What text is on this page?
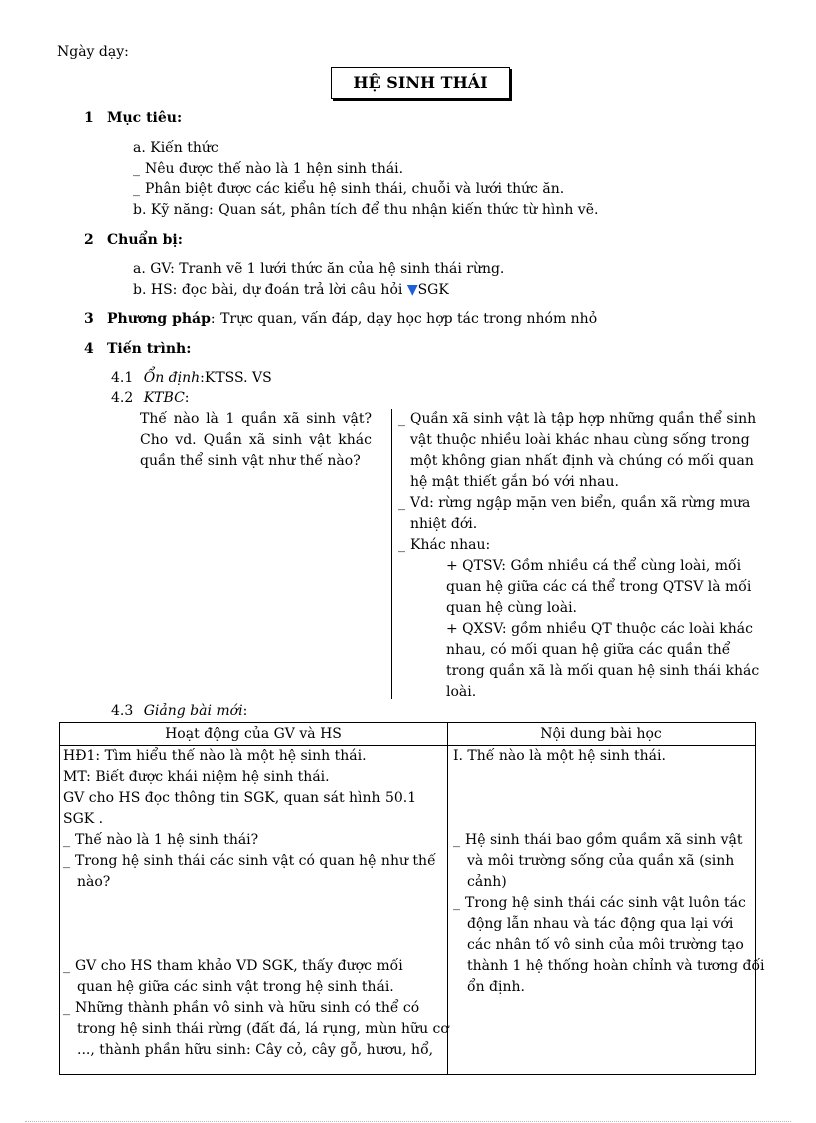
Ngày dạy:
HỆ SINH THÁI
1 Mục tiêu:
a. Kiến thức
_ Nêu được thế nào là 1 hện sinh thái.
_ Phân biệt được các kiểu hệ sinh thái, chuỗi và lưới thức ăn.
b. Kỹ năng: Quan sát, phân tích để thu nhận kiến thức từ hình vẽ.
2 Chuẩn bị:
a. GV: Tranh vẽ 1 lưới thức ăn của hệ sinh thái rừng.
b. HS: đọc bài, dự đoán trả lời câu hỏi ▼SGK
3 Phương pháp: Trực quan, vấn đáp, dạy học hợp tác trong nhóm nhỏ
4 Tiến trình:
4.1 Ổn định:KTSS. VS
4.2 KTBC:
Thế nào là 1 quần xã sinh vật?
Cho vd. Quần xã sinh vật khác
quần thể sinh vật như thế nào?
_ Quần xã sinh vật là tập hợp những quần thể sinh
vật thuộc nhiều loài khác nhau cùng sống trong
một không gian nhất định và chúng có mối quan
hệ mật thiết gắn bó với nhau.
_ Vd: rừng ngập mặn ven biển, quần xã rừng mưa
nhiệt đới.
_ Khác nhau:
+ QTSV: Gồm nhiều cá thể cùng loài, mối
quan hệ giữa các cá thể trong QTSV là mối
quan hệ cùng loài.
+ QXSV: gồm nhiều QT thuộc các loài khác
nhau, có mối quan hệ giữa các quần thể
trong quần xã là mối quan hệ sinh thái khác
loài.
4.3 Giảng bài mới:
Hoạt động của GV và HS	Nội dung bài học
HĐ1: Tìm hiểu thế nào là một hệ sinh thái.
MT: Biết được khái niệm hệ sinh thái.
GV cho HS đọc thông tin SGK, quan sát hình 50.1
SGK .
_ Thế nào là 1 hệ sinh thái?
_ Trong hệ sinh thái các sinh vật có quan hệ như thế
nào?
_ GV cho HS tham khảo VD SGK, thấy được mối
quan hệ giữa các sinh vật trong hệ sinh thái.
_ Những thành phần vô sinh và hữu sinh có thể có
trong hệ sinh thái rừng (đất đá, lá rụng, mùn hữu cơ
..., thành phần hữu sinh: Cây cỏ, cây gỗ, hươu, hổ,
I. Thế nào là một hệ sinh thái.
_ Hệ sinh thái bao gồm quầm xã sinh vật
và môi trường sống của quần xã (sinh
cảnh)
_ Trong hệ sinh thái các sinh vật luôn tác
động lẫn nhau và tác động qua lại với
các nhân tố vô sinh của môi trường tạo
thành 1 hệ thống hoàn chỉnh và tương đối
ổn định.
